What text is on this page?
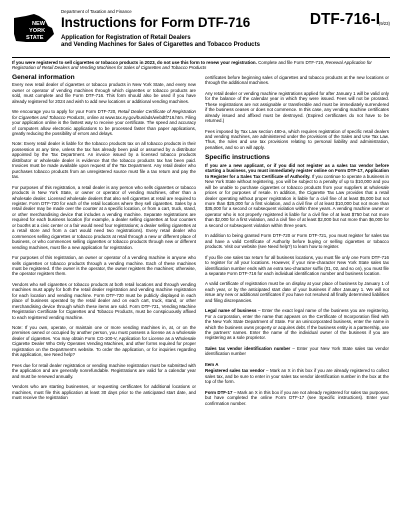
NEW
YORK
STATE
Department of Taxation and Finance
Instructions for Form DTF-716
Application for Registration of Retail Dealers
and Vending Machines for Sales of Cigarettes and Tobacco Products
DTF-716-I
(9/23)

If you were registered to sell cigarettes or tobacco products in 2023, do not use this form to renew your registration. Complete and file Form DTF-719, Renewal Application for Registration of Retail Dealers and Vending Machines for Sales of Cigarettes and Tobacco Products

General information

Every new retail dealer of cigarettes or tobacco products in New York State, and every new owner or operator of vending machines through which cigarettes or tobacco products are sold, must complete and file Form DTF-716. This form should also be used if you have already registered for 2024 and wish to add new locations or additional vending machines.

We encourage you to apply for your Form DTF-720, Retail Dealer Certificate of Registration for Cigarettes and Tobacco Products, online at www.tax.ny.gov/bus/ads/webdtf716.htm. Filing your application online is the fastest way to receive your certificate. The speed and accuracy of computers allow electronic applications to be processed faster than paper applications, greatly reducing the possibility of errors and delays.

Note: Every retail dealer is liable for the tobacco products tax on all tobacco products in their possession at any time, unless the tax has already been paid or assumed by a distributor appointed by the Tax Department. An invoice issued by a licensed tobacco products distributor or wholesale dealer is evidence that the tobacco products tax has been paid. Invoices must be made available upon request of the Tax Department. Any retail dealer who purchases tobacco products from an unregistered source must file a tax return and pay the tax.

For purposes of this registration, a retail dealer is any person who sells cigarettes or tobacco products in New York State, or owner or operator of vending machines, other than a wholesale dealer. Licensed wholesale dealers that also sell cigarettes at retail are required to register. Form DTF-720 for each of the retail locations where they sell cigarettes. Sales by a retail dealer may be made over the counter at a specific location, or from a cart, truck, stand, or other merchandising device that includes a vending machine. Separate registrations are required for each business location (for example, a dealer selling cigarettes at four counters or booths at a civic center or a fair would need four registrations; a dealer selling cigarettes at a retail store and from a cart would need two registrations). Every retail dealer who commences selling cigarettes or tobacco products at retail through a new or different place of business, or who commences selling cigarettes or tobacco products through new or different vending machines, must file a new application for registration.

For purposes of this registration, an owner or operator of a vending machine is anyone who sells cigarettes or tobacco products through a vending machine. Each of these machines must be registered. If the owner is the operator, the owner registers the machines; otherwise, the operator registers them.

Vendors who sell cigarettes or tobacco products at both retail locations and through vending machines must apply for both the retail dealer registration and vending machine registration for each location and vending machine. Form DTF-720 must be publicly displayed in each place of business operated by the retail dealer and on each cart, truck, stand, or other merchandising device through which these items are sold. Form DTF-721, Vending Machine Registration Certificate for Cigarettes and Tobacco Products, must be conspicuously affixed to each registered vending machine.

Note: If you own, operate, or maintain one or more vending machines in, at, or on the premises owned or occupied by another person, you must possess a license as a wholesale dealer of cigarettes. You may obtain Form CG-100-V, Application for License as a Wholesale Cigarette Dealer Who Only Operates Vending Machines, and other forms required for proper registration on the Department's website. To order the application, or for inquiries regarding this application, see Need help?

Fees due for retail dealer registration or vending machine registration must be submitted with the application and are generally nonrefundable. Registrations are valid for a calendar year and must be renewed annually.

Vendors who are starting businesses, or requesting certificates for additional locations or machines, must file this application at least 30 days prior to the anticipated start date, and must receive the registration

certificates before beginning sales of cigarettes and tobacco products at the new locations or through the additional machines.

Any retail dealer or vending machine registrations applied for after January 1 will be valid only for the balance of the calendar year in which they were issued. Fees will not be prorated. These registrations are not assignable or transferable and must be immediately surrendered if the business ceases or does not commence. In this case, any vending machine certificates already issued and affixed must be destroyed. (Expired certificates do not have to be returned.)

Fees imposed by Tax Law section 480-a, which requires registration of specific retail dealers and vending machines, are administered under the provisions of the Sales and Use Tax Law. Thus, the rules and use tax provisions relating to personal liability and administration, penalties, and so on will apply.

Specific instructions

If you are a new applicant, or if you did not register as a sales tax vendor before starting a business, you must immediately register online on Form DTF-17, Application to Register for a Sales Tax Certificate of Authority. If you continue to operate a business in New York State without registering, you will be subject to a penalty of up to $10,000 and you will be unable to purchase cigarettes or tobacco products from your suppliers at wholesale prices or for purposes of resale. In addition, the Cigarette Tax Law provides that a retail dealer operating without proper registration is liable for a civil fine of at least $5,000 but not more than $25,000 for a first violation, and a civil fine of at least $10,000 but not more than $35,000 for a second or subsequent violation within three years. A vending machine owner or operator who is not properly registered is liable for a civil fine of at least $750 but not more than $2,000 for a first violation, and a civil fine of at least $2,000 but not more than $6,000 for a second or subsequent violation within three years.

In addition to being granted Form DTF-720 or Form DTF-721, you must register for sales tax and have a valid Certificate of Authority before buying or selling cigarettes or tobacco products. Visit our website (see Need help?) to learn how to register.

If you file one sales tax return for all business locations, you must file only one Form DTF-716 to register for all your locations. However, if your nine-character New York State sales tax identification number ends with an extra two-character suffix (01, 02, and so on), you must file a separate Form DTF-716 for each individual identification number and business location.

A valid certificate of registration must be on display at your place of business by January 1 of each year, or by the anticipated start date of your business if after January 1. We will not issue any new or additional certificates if you have not resolved all finally determined liabilities and filing discrepancies.

Legal name of business – Enter the exact legal name of the business you are registering. For a corporation, enter the name that appears on the Certificate of Incorporation filed with the New York State Department of State. For an unincorporated business, enter the name in which the business owns property or acquires debt. If the business entity is a partnership, use the partners' names. Enter the name of the individual owner of the business if you are registering as a sole proprietor.

Sales tax vendor identification number – Enter your New York State sales tax vendor identification number

Item A

Registered sales tax vendor – Mark an X in this box if you are already registered to collect sales tax, and be sure to enter in your sales tax vendor identification number in the box at the top of the form.

Form DTF-17 – Mark an X in this box if you are not already registered for sales tax purposes, but have completed the online Form DTF-17 (see Specific instructions). Enter your confirmation number.
